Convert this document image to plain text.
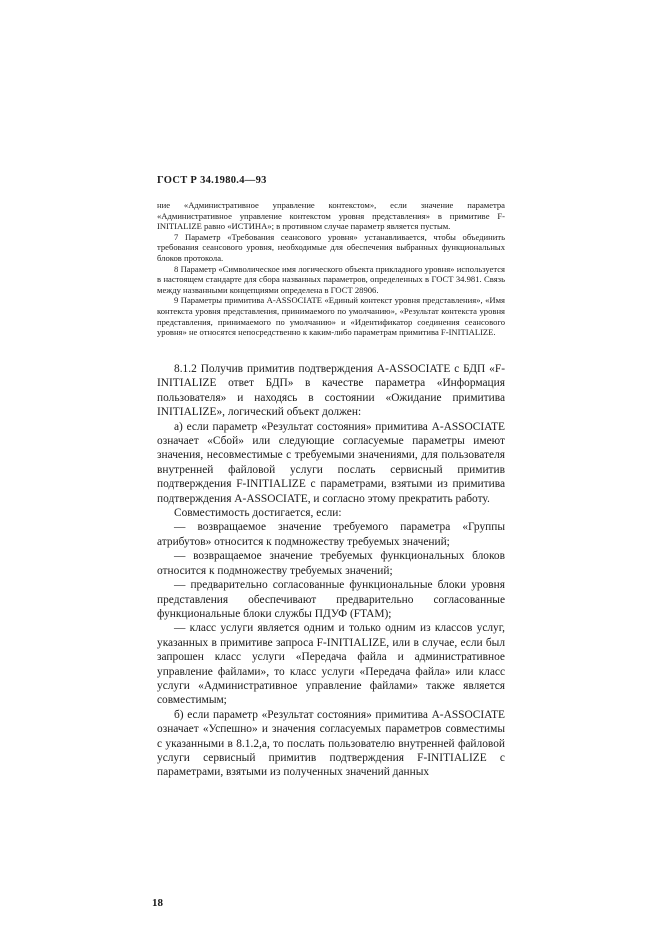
ГОСТ Р 34.1980.4—93

ние «Административное управление контекстом», если значение параметра «Административное управление контекстом уровня представления» в примитиве F-INITIALIZE равно «ИСТИНА»; в противном случае параметр является пустым.

7 Параметр «Требования сеансового уровня» устанавливается, чтобы объединить требования сеансового уровня, необходимые для обеспечения выбранных функциональных блоков протокола.

8 Параметр «Символическое имя логического объекта прикладного уровня» используется в настоящем стандарте для сбора названных параметров, определенных в ГОСТ 34.981. Связь между названными концепциями определена в ГОСТ 28906.

9 Параметры примитива A-ASSOCIATE «Единый контекст уровня представления», «Имя контекста уровня представления, принимаемого по умолчанию», «Результат контекста уровня представления, принимаемого по умолчанию» и «Идентификатор соединения сеансового уровня» не относятся непосредственно к каким-либо параметрам примитива F-INITIALIZE.

8.1.2 Получив примитив подтверждения A-ASSOCIATE с БДП «F-INITIALIZE ответ БДП» в качестве параметра «Информация пользователя» и находясь в состоянии «Ожидание примитива INITIALIZE», логический объект должен:

а) если параметр «Результат состояния» примитива A-ASSOCIATE означает «Сбой» или следующие согласуемые параметры имеют значения, несовместимые с требуемыми значениями, для пользователя внутренней файловой услуги послать сервисный примитив подтверждения F-INITIALIZE с параметрами, взятыми из примитива подтверждения A-ASSOCIATE, и согласно этому прекратить работу.

Совместимость достигается, если:

— возвращаемое значение требуемого параметра «Группы атрибутов» относится к подмножеству требуемых значений;

— возвращаемое значение требуемых функциональных блоков относится к подмножеству требуемых значений;

— предварительно согласованные функциональные блоки уровня представления обеспечивают предварительно согласованные функциональные блоки службы ПДУФ (FTAM);

— класс услуги является одним и только одним из классов услуг, указанных в примитиве запроса F-INITIALIZE, или в случае, если был запрошен класс услуги «Передача файла и административное управление файлами», то класс услуги «Передача файла» или класс услуги «Административное управление файлами» также является совместимым;

б) если параметр «Результат состояния» примитива A-ASSOCIATE означает «Успешно» и значения согласуемых параметров совместимы с указанными в 8.1.2,а, то послать пользователю внутренней файловой услуги сервисный примитив подтверждения F-INITIALIZE с параметрами, взятыми из полученных значений данных

18
